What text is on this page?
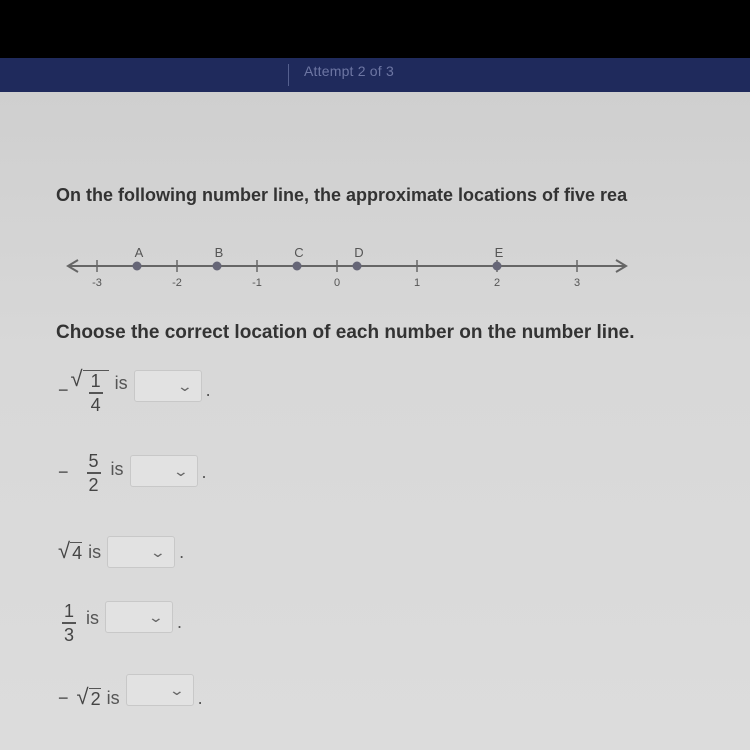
Attempt 2 of 3
On the following number line, the approximate locations of five rea
-3	-2	-1	0	1	2	3
A	B	C	D	E
Choose the correct location of each number on the number line.
− √ $\frac{1}{4}$ is	⌄ .
− $\frac{5}{2}$ is	⌄ .
√ 4 is	⌄ .
$\frac{1}{3}$ is	⌄ .
− √ 2 is	⌄ .
